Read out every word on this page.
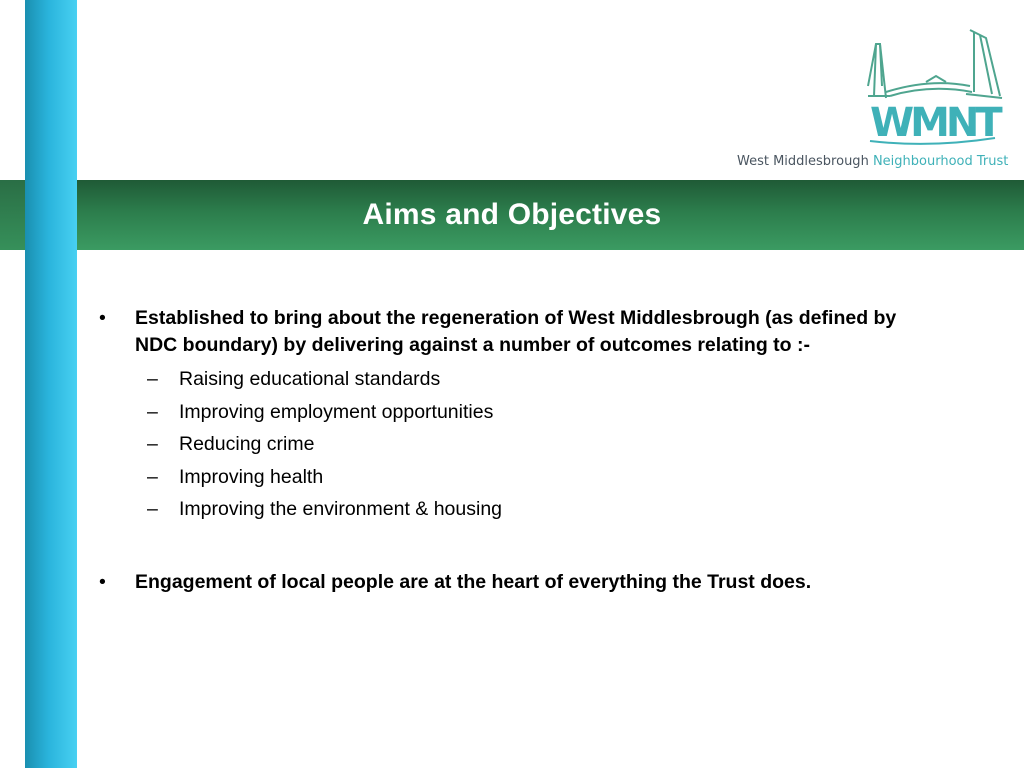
Aims and Objectives
WMNT
West Middlesbrough Neighbourhood Trust
• Established to bring about the regeneration of West Middlesbrough (as defined by NDC boundary) by delivering against a number of outcomes relating to :-
– Raising educational standards
– Improving employment opportunities
– Reducing crime
– Improving health
– Improving the environment & housing
• Engagement of local people are at the heart of everything the Trust does.
